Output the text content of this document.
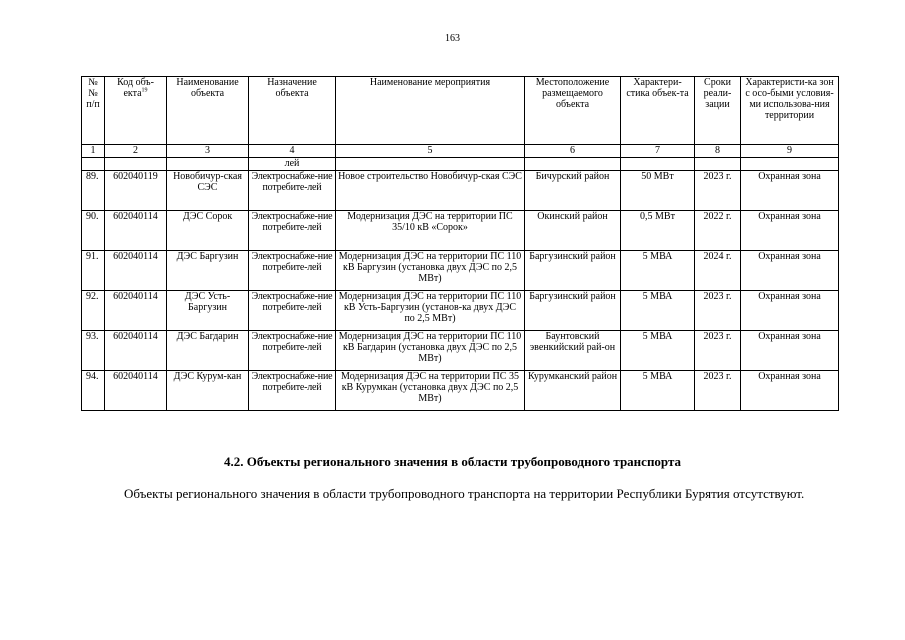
163
№ № п/п	Код объ-екта$^{19}$	Наименование объекта	Назначение объекта	Наименование мероприятия	Местоположение размещаемого объекта	Характери-стика объек-та	Сроки реали-зации	Характеристи-ка зон с осо-быми условия-ми использова-ния территории
1	2	3	4	5	6	7	8	9
			лей					
89.	602040119	Новобичур-ская СЭС	Электроснабже-ние потребите-лей	Новое строительство Новобичур-ская СЭС	Бичурский район	50 МВт	2023 г.	Охранная зона
90.	602040114	ДЭС Сорок	Электроснабже-ние потребите-лей	Модернизация ДЭС на территории ПС 35/10 кВ «Сорок»	Окинский район	0,5 МВт	2022 г.	Охранная зона
91.	602040114	ДЭС Баргузин	Электроснабже-ние потребите-лей	Модернизация ДЭС на территории ПС 110 кВ Баргузин (установка двух ДЭС по 2,5 МВт)	Баргузинский район	5 МВА	2024 г.	Охранная зона
92.	602040114	ДЭС Усть-Баргузин	Электроснабже-ние потребите-лей	Модернизация ДЭС на территории ПС 110 кВ Усть-Баргузин (установ-ка двух ДЭС по 2,5 МВт)	Баргузинский район	5 МВА	2023 г.	Охранная зона
93.	602040114	ДЭС Багдарин	Электроснабже-ние потребите-лей	Модернизация ДЭС на территории ПС 110 кВ Багдарин (установка двух ДЭС по 2,5 МВт)	Баунтовский эвенкийский рай-он	5 МВА	2023 г.	Охранная зона
94.	602040114	ДЭС Курум-кан	Электроснабже-ние потребите-лей	Модернизация ДЭС на территории ПС 35 кВ Курумкан (установка двух ДЭС по 2,5 МВт)	Курумканский район	5 МВА	2023 г.	Охранная зона
4.2. Объекты регионального значения в области трубопроводного транспорта

Объекты регионального значения в области трубопроводного транспорта на территории Республики Бурятия отсутствуют.
